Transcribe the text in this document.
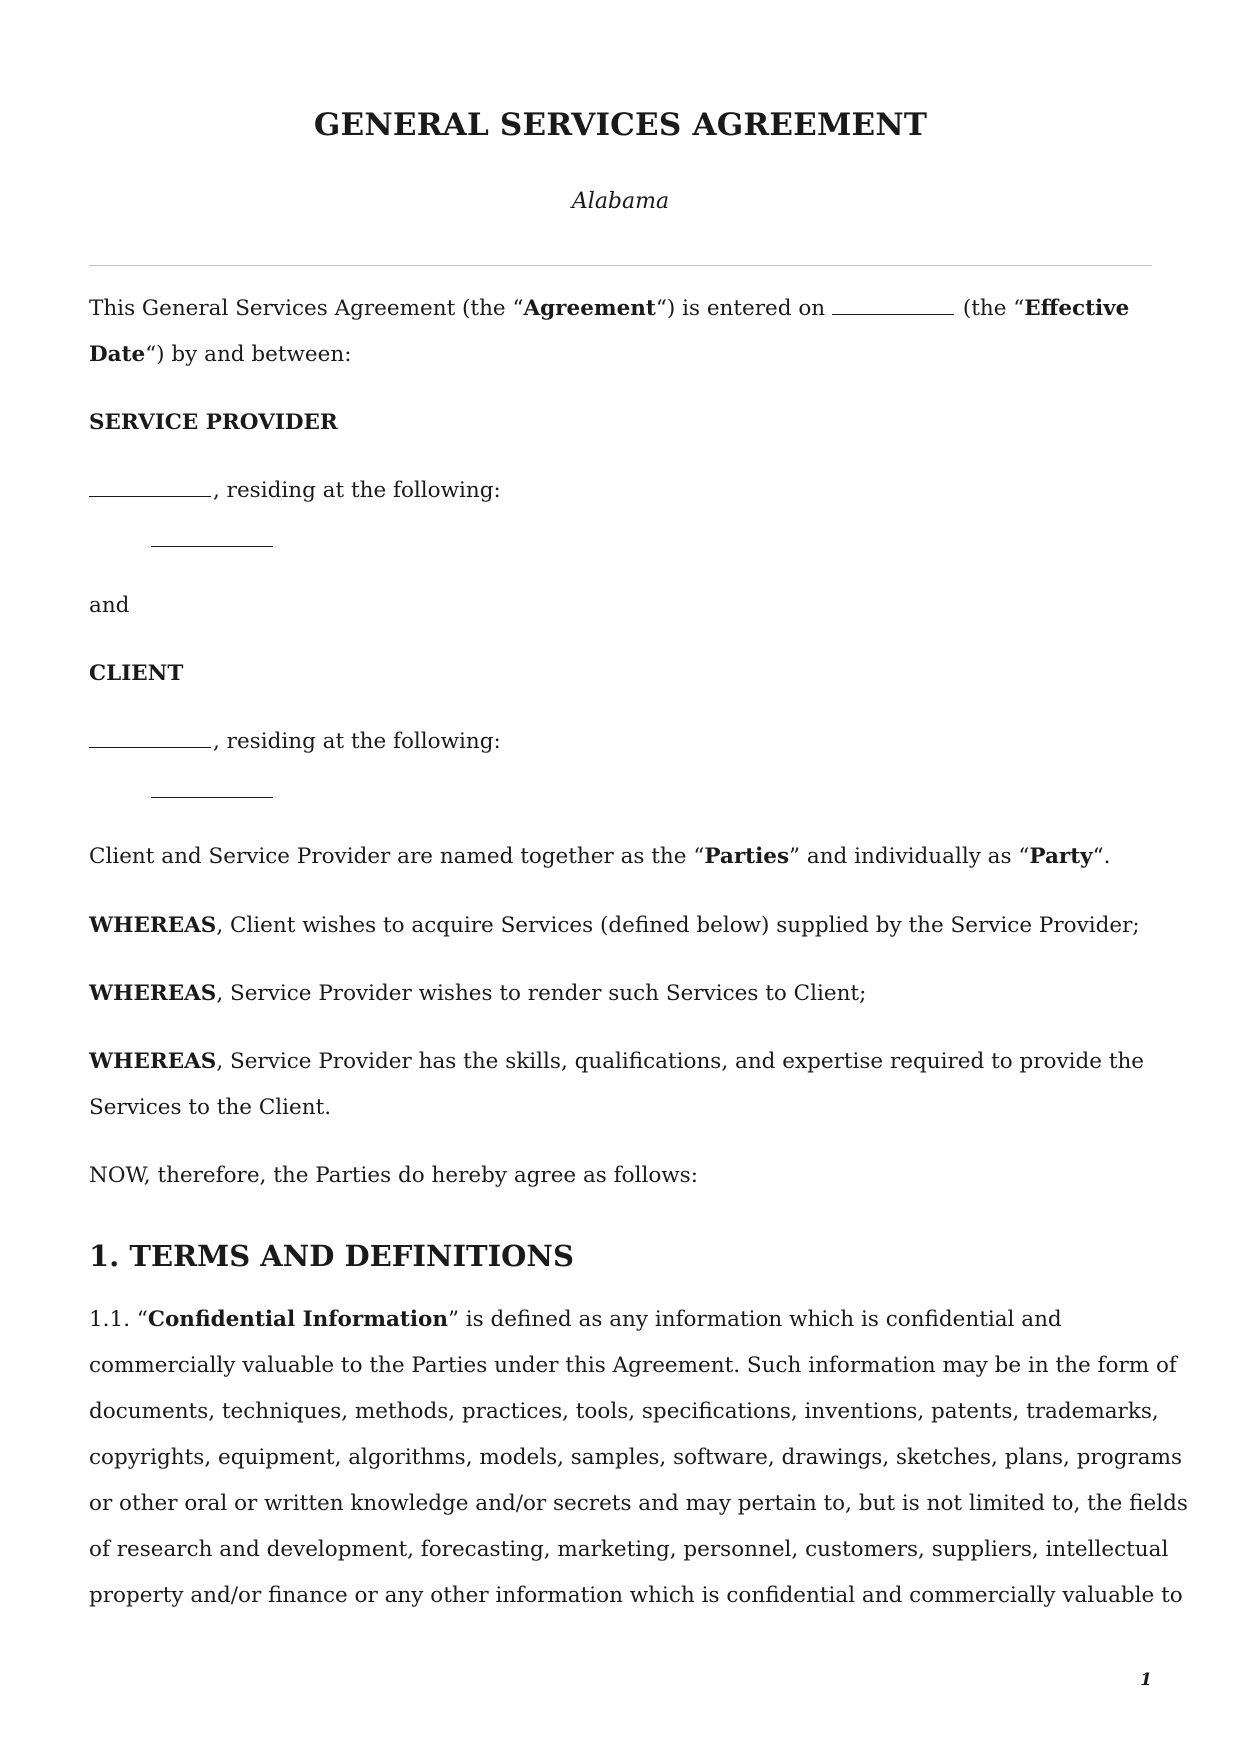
GENERAL SERVICES AGREEMENT

Alabama

This General Services Agreement (the “Agreement“) is entered on	(the “Effective

Date“) by and between:

SERVICE PROVIDER

, residing at the following:

and

CLIENT

, residing at the following:

Client and Service Provider are named together as the “Parties” and individually as “Party“.

WHEREAS, Client wishes to acquire Services (defined below) supplied by the Service Provider;

WHEREAS, Service Provider wishes to render such Services to Client;

WHEREAS, Service Provider has the skills, qualifications, and expertise required to provide the

Services to the Client.

NOW, therefore, the Parties do hereby agree as follows:

1. TERMS AND DEFINITIONS

1.1. “Confidential Information” is defined as any information which is confidential and

commercially valuable to the Parties under this Agreement. Such information may be in the form of

documents, techniques, methods, practices, tools, specifications, inventions, patents, trademarks,

copyrights, equipment, algorithms, models, samples, software, drawings, sketches, plans, programs

or other oral or written knowledge and/or secrets and may pertain to, but is not limited to, the fields

of research and development, forecasting, marketing, personnel, customers, suppliers, intellectual

property and/or finance or any other information which is confidential and commercially valuable to

1
